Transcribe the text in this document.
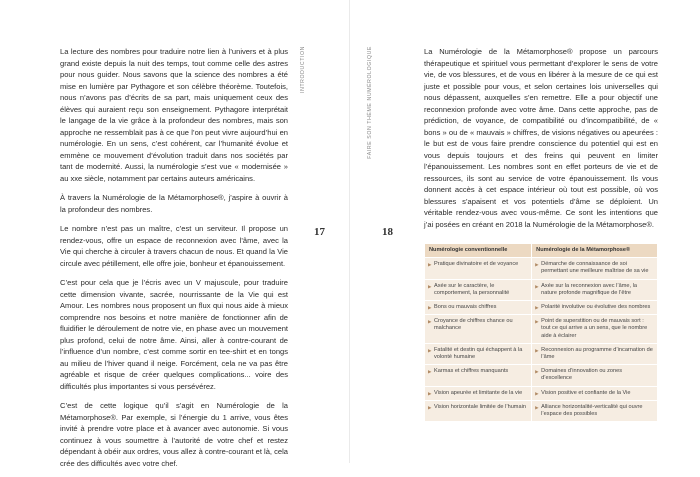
La lecture des nombres pour traduire notre lien à l’univers et à plus grand existe depuis la nuit des temps, tout comme celle des astres pour nous guider. Nous savons que la science des nombres a été mise en lumière par Pythagore et son célèbre théorème. Toutefois, nous n’avons pas d’écrits de sa part, mais uniquement ceux des élèves qui auraient reçu son enseignement. Pythagore interprétait le langage de la vie grâce à la profondeur des nombres, mais son approche ne ressemblait pas à ce que l’on peut vivre aujourd’hui en numérologie. En un sens, c’est cohérent, car l’humanité évolue et emmène ce mouvement d’évolution traduit dans nos sociétés par tant de modernité. Aussi, la numérologie s’est vue « modernisée » au xxe siècle, notamment par certains auteurs américains.

À travers la Numérologie de la Métamorphose®, j’aspire à ouvrir à la profondeur des nombres.

Le nombre n’est pas un maître, c’est un serviteur. Il propose un rendez-vous, offre un espace de reconnexion avec l’âme, avec la Vie qui cherche à circuler à travers chacun de nous. Et quand la Vie circule avec pétillement, elle offre joie, bonheur et épanouissement.

C’est pour cela que je l’écris avec un V majuscule, pour traduire cette dimension vivante, sacrée, nourrissante de la Vie qui est Amour. Les nombres nous proposent un flux qui nous aide à mieux comprendre nos besoins et notre manière de fonctionner afin de fluidifier le déroulement de notre vie, en phase avec un mouvement plus profond, celui de notre âme. Ainsi, aller à contre-courant de l’influence d’un nombre, c’est comme sortir en tee-shirt et en tongs au milieu de l’hiver quand il neige. Forcément, cela ne va pas être agréable et risque de créer quelques complications... voire des difficultés plus importantes si vous persévérez.

C’est de cette logique qu’il s’agit en Numérologie de la Métamorphose®. Par exemple, si l’énergie du 1 arrive, vous êtes invité à prendre votre place et à avancer avec autonomie. Si vous continuez à vous soumettre à l’autorité de votre chef et restez dépendant à obéir aux ordres, vous allez à contre-courant et là, cela crée des difficultés avec votre chef.

INTRODUCTION
17
FAIRE SON THÈME NUMÉROLOGIQUE
18

La Numérologie de la Métamorphose® propose un parcours thérapeutique et spirituel vous permettant d’explorer le sens de votre vie, de vos blessures, et de vous en libérer à la mesure de ce qui est juste et possible pour vous, et selon certaines lois universelles qui nous dépassent, auxquelles s’en remettre. Elle a pour objectif une reconnexion profonde avec votre âme. Dans cette approche, pas de prédiction, de voyance, de compatibilité ou d’incompatibilité, de « bons » ou de « mauvais » chiffres, de visions négatives ou apeurées : le but est de vous faire prendre conscience du potentiel qui est en vous depuis toujours et des freins qui peuvent en limiter l’épanouissement. Les nombres sont en effet porteurs de vie et de ressources, ils sont au service de votre épanouissement. Ils vous donnent accès à cet espace intérieur où tout est possible, où vos blessures s’apaisent et vos potentiels d’âme se déploient. Un véritable rendez-vous avec vous-même. Ce sont les intentions que j’ai posées en créant en 2018 la Numérologie de la Métamorphose®.

Numérologie conventionnelle	Numérologie de la Métamorphose®

▶ Pratique divinatoire et de voyance	▶ Démarche de connaissance de soi permettant une meilleure maîtrise de sa vie

▶ Axée sur le caractère, le comportement, la personnalité	▶ Axée sur la reconnexion avec l’âme, la nature profonde magnifique de l’être

▶ Bons ou mauvais chiffres	▶ Polarité involutive ou évolutive des nombres

▶ Croyance de chiffres chance ou malchance	▶ Point de superstition ou de mauvais sort : tout ce qui arrive a un sens, que le nombre aide à éclairer

▶ Fatalité et destin qui échappent à la volonté humaine	▶ Reconnexion au programme d’incarnation de l’âme

▶ Karmas et chiffres manquants	▶ Domaines d’innovation ou zones d’excellence

▶ Vision apeurée et limitante de la vie	▶ Vision positive et confiante de la Vie

▶ Vision horizontale limitée de l’humain	▶ Alliance horizontalité-verticalité qui ouvre l’espace des possibles
